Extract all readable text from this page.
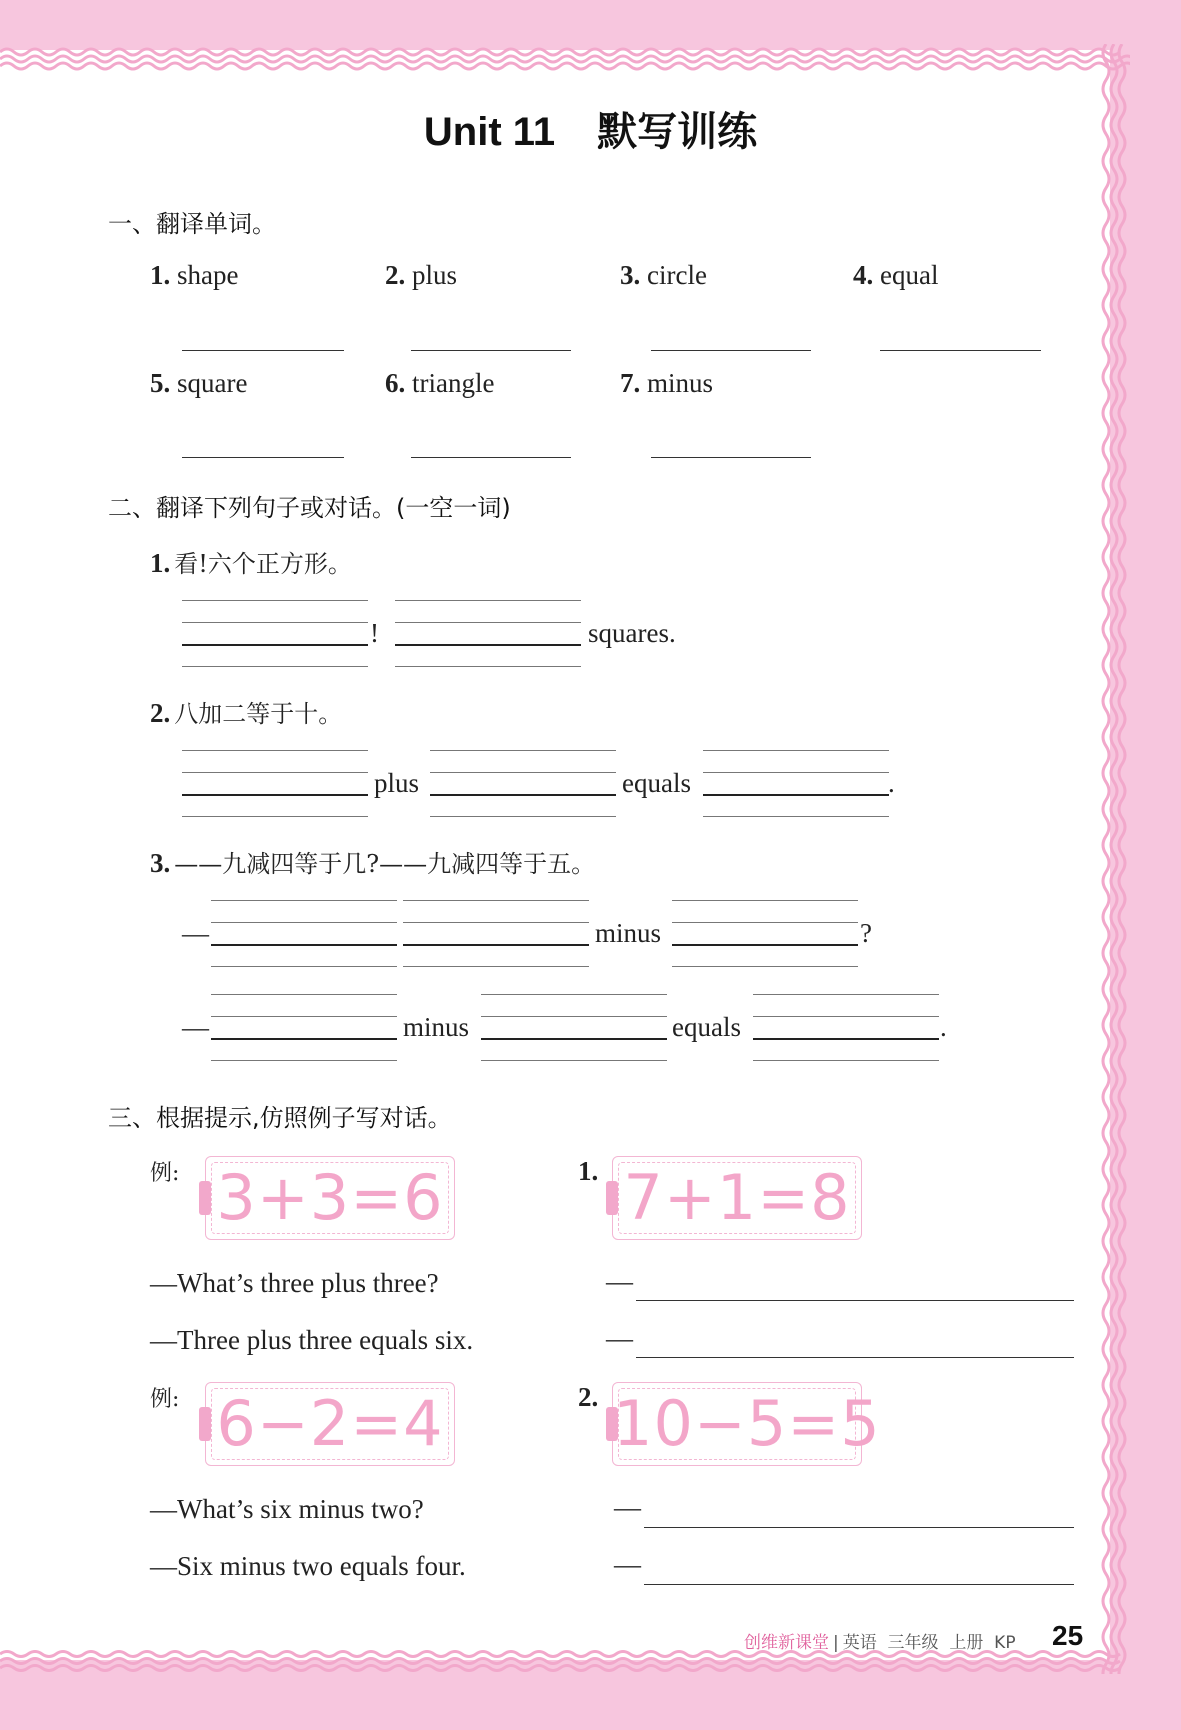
Unit 11 默写训练
一、翻译单词。
1. shape	2. plus	3. circle	4. equal
5. square	6. triangle	7. minus
二、翻译下列句子或对话。(一空一词)
1. 看!六个正方形。
!	squares.
2. 八加二等于十。
plus	equals	.
3. ——九减四等于几?——九减四等于五。
—	minus	?
—	minus	equals	.
三、根据提示,仿照例子写对话。
例: 3+3=6	1. 7+1=8
—What’s three plus three?
—Three plus three equals six.
—
—
例: 6−2=4	2. 10−5=5
—What’s six minus two?
—Six minus two equals four.
—
—
创维新课堂 | 英语 三年级 上册 KP 25
